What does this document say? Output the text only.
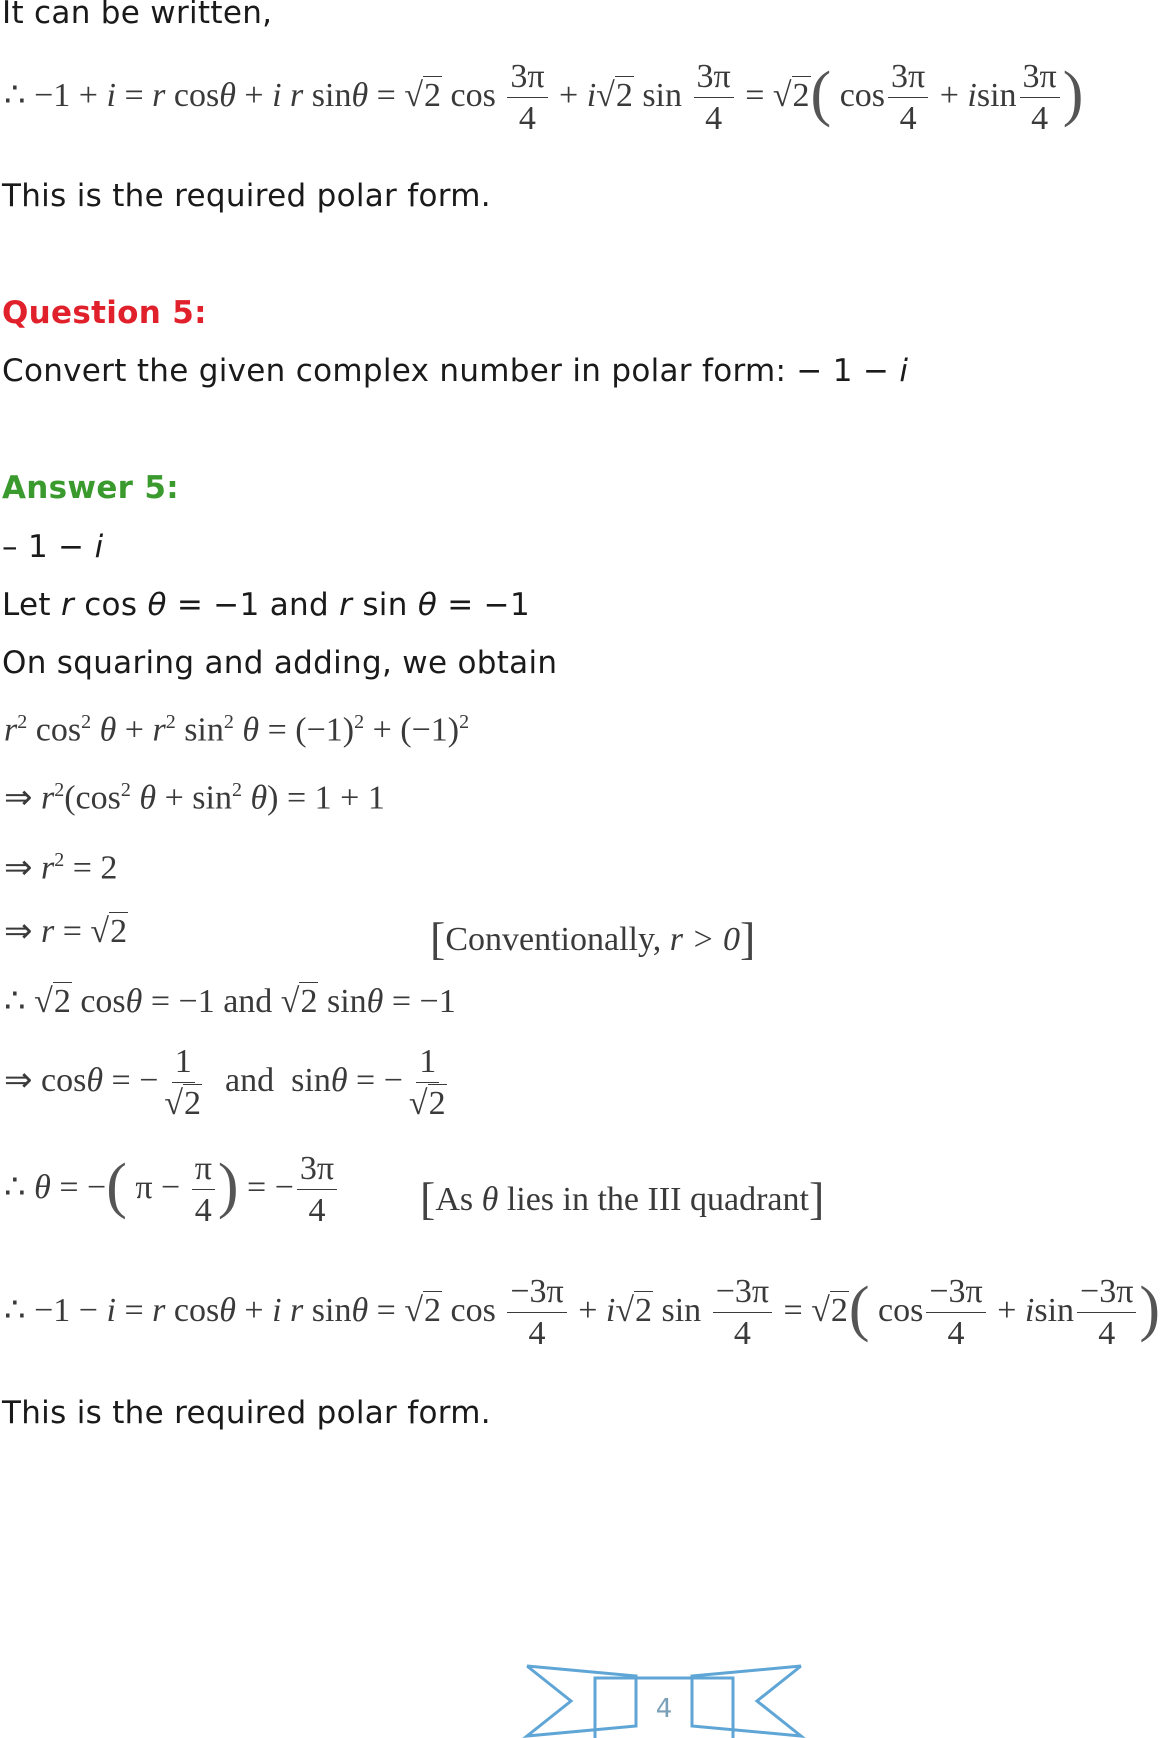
It can be written,
∴ −1 + i = r cosθ + i r sinθ = √2 $\cos \frac{3\pi}{4} + i√2$ $\sin \frac{3\pi}{4} = √2$( $\cos \frac{3\pi}{4} + isin \frac{3\pi}{4}$ )
This is the required polar form.
Question 5:
Convert the given complex number in polar form: − 1 − i
Answer 5:
– 1 − i
Let r cos θ = −1 and r sin θ = −1
On squaring and adding, we obtain
$r^2$ $\cos^2 \theta + r^2$ $\sin^2 \theta = (-1)^2 + (-1)^2$
⇒ $r^2(\cos^2$ $\theta + \sin^2 \theta) = 1 + 1$
⇒ $r^2 = 2$
⇒ r = √2	[Conventionally, r > 0]
∴ √2 cosθ = −1 and √2 sinθ = −1
⇒ cosθ = − $\frac{1}{√2}$ and  sinθ = − $\frac{1}{√2}$
∴ θ = −( $\pi - \frac{\pi}{4}$ ) = − $\frac{3\pi}{4} [As$ θ lies in the III quadrant]
∴ −1 − i = r cosθ + i r sinθ = √2 $\cos \frac{-3\pi}{4} + i√2$ $\sin \frac{-3\pi}{4} = √2$( $\cos \frac{-3\pi}{4} + isin \frac{-3\pi}{4}$ )
This is the required polar form.
4
